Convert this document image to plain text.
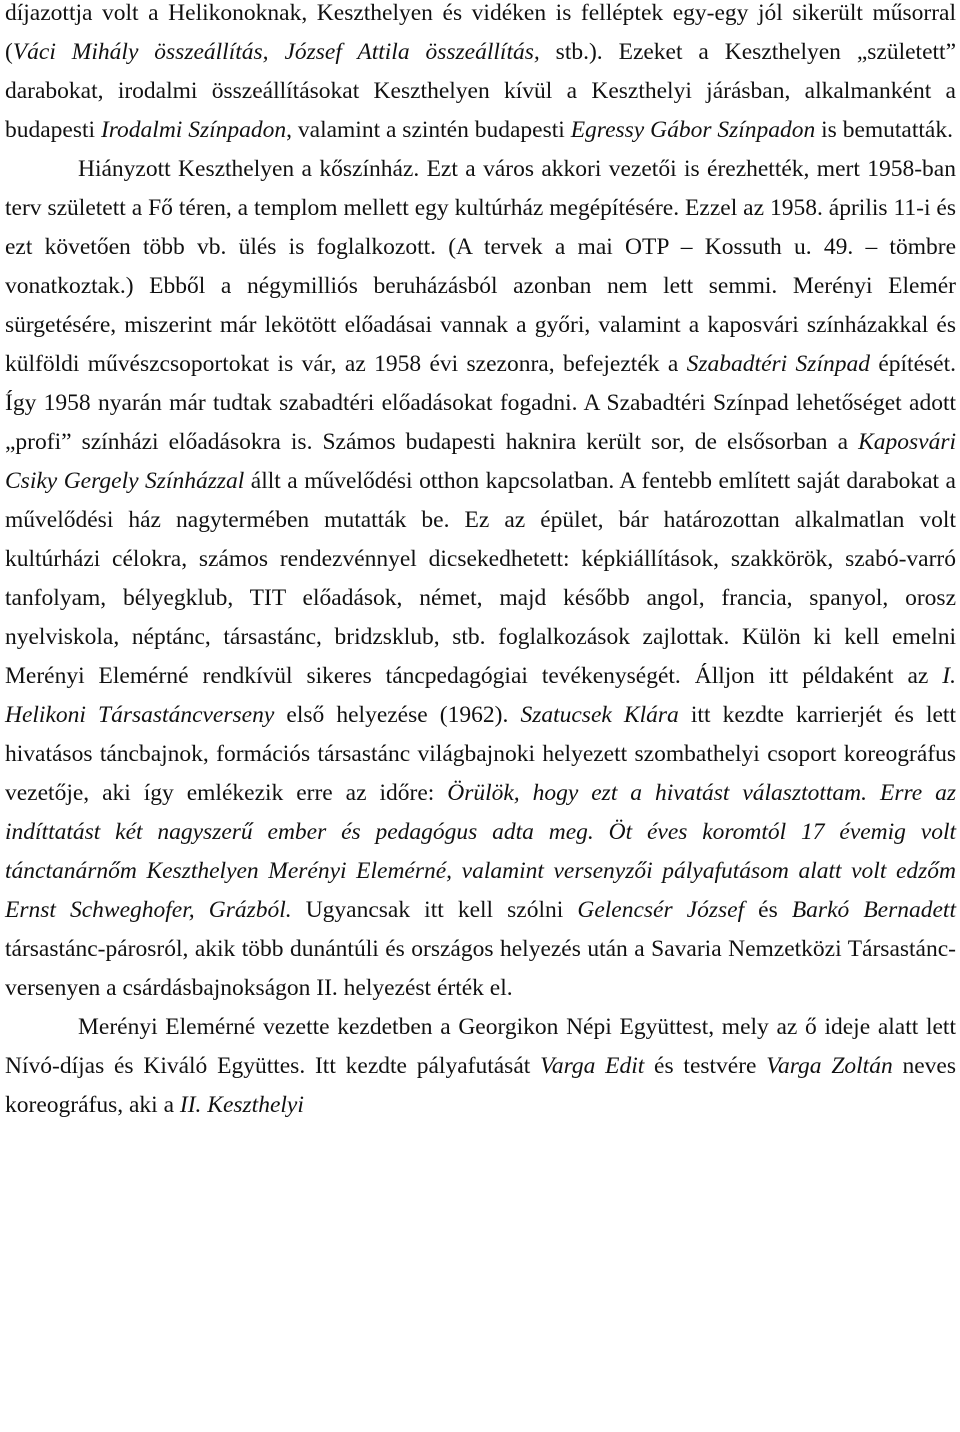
díjazottja volt a Helikonoknak, Keszthelyen és vidéken is felléptek egy-egy jól sikerült műsorral (Váci Mihály összeállítás, József Attila összeállítás, stb.). Ezeket a Keszthelyen „született” darabokat, irodalmi összeállításokat Keszthelyen kívül a Keszthelyi járásban, alkalmanként a budapesti Irodalmi Színpadon, valamint a szintén budapesti Egressy Gábor Színpadon is bemutatták.

Hiányzott Keszthelyen a kőszínház. Ezt a város akkori vezetői is érezhették, mert 1958-ban terv született a Fő téren, a templom mellett egy kultúrház megépítésére. Ezzel az 1958. április 11-i és ezt követően több vb. ülés is foglalkozott. (A tervek a mai OTP – Kossuth u. 49. – tömbre vonatkoztak.) Ebből a négymilliós beruházásból azonban nem lett semmi. Merényi Elemér sürgetésére, miszerint már lekötött előadásai vannak a győri, valamint a kaposvári színházakkal és külföldi művészcsoportokat is vár, az 1958 évi szezonra, befejezték a Szabadtéri Színpad építését. Így 1958 nyarán már tudtak szabadtéri előadásokat fogadni. A Szabadtéri Színpad lehetőséget adott „profi” színházi előadásokra is. Számos budapesti haknira került sor, de elsősorban a Kaposvári Csiky Gergely Színházzal állt a művelődési otthon kapcsolatban. A fentebb említett saját darabokat a művelődési ház nagytermében mutatták be. Ez az épület, bár határozottan alkalmatlan volt kultúrházi célokra, számos rendezvénnyel dicsekedhetett: képkiállítások, szakkörök, szabó-varró tanfolyam, bélyegklub, TIT előadások, német, majd később angol, francia, spanyol, orosz nyelviskola, néptánc, társastánc, bridzsklub, stb. foglalkozások zajlottak. Külön ki kell emelni Merényi Elemérné rendkívül sikeres táncpedagógiai tevékenységét. Álljon itt példaként az I. Helikoni Társastáncverseny első helyezése (1962). Szatucsek Klára itt kezdte karrierjét és lett hivatásos táncbajnok, formációs társastánc világbajnoki helyezett szombathelyi csoport koreográfus vezetője, aki így emlékezik erre az időre: Örülök, hogy ezt a hivatást választottam. Erre az indíttatást két nagyszerű ember és pedagógus adta meg. Öt éves koromtól 17 évemig volt tánctanárnőm Keszthelyen Merényi Elemérné, valamint versenyzői pályafutásom alatt volt edzőm Ernst Schweghofer, Grázból. Ugyancsak itt kell szólni Gelencsér József és Barkó Bernadett társastánc-párosról, akik több dunántúli és országos helyezés után a Savaria Nemzetközi Társastánc-versenyen a csárdásbajnokságon II. helyezést érték el.

Merényi Elemérné vezette kezdetben a Georgikon Népi Együttest, mely az ő ideje alatt lett Nívó-díjas és Kiváló Együttes. Itt kezdte pályafutását Varga Edit és testvére Varga Zoltán neves koreográfus, aki a II. Keszthelyi
